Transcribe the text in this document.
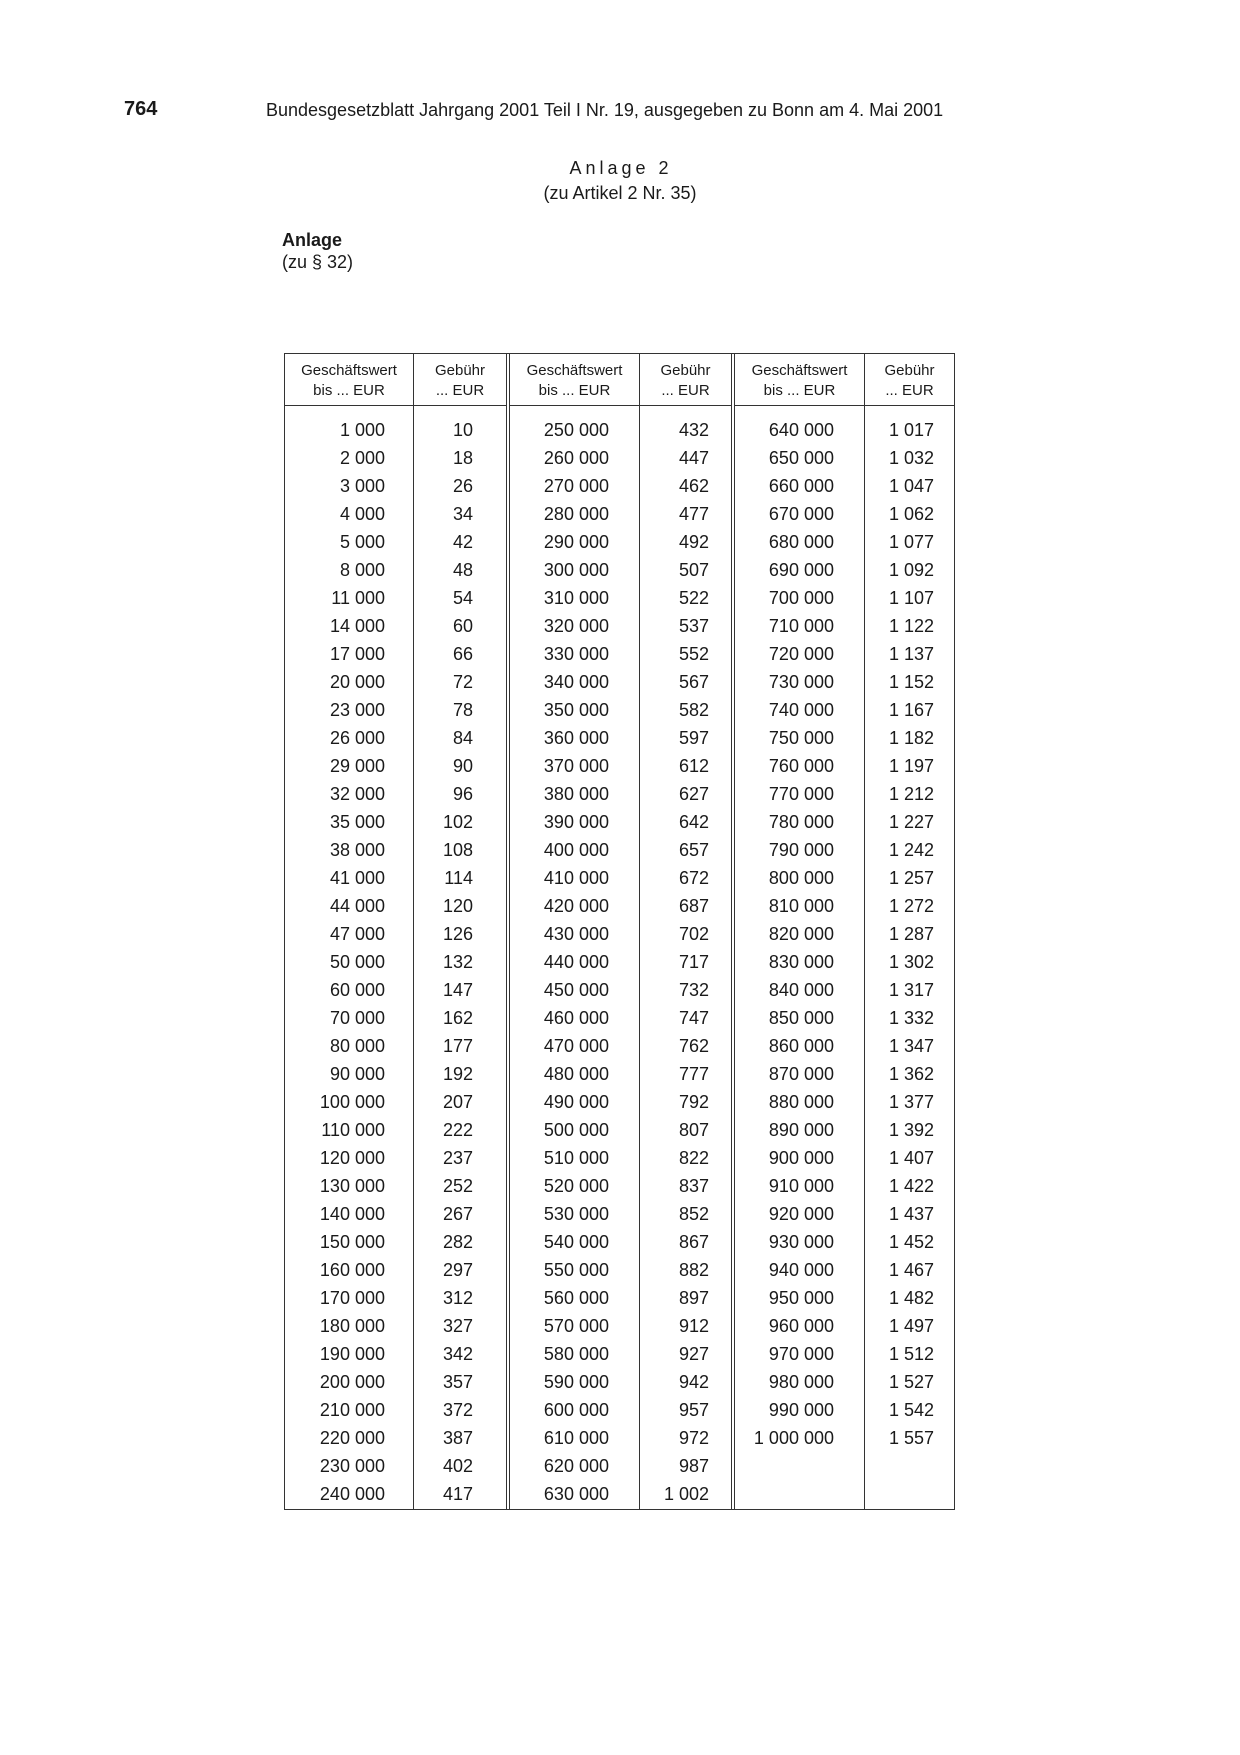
764	Bundesgesetzblatt Jahrgang 2001 Teil I Nr. 19, ausgegeben zu Bonn am 4. Mai 2001
Anlage 2
(zu Artikel 2 Nr. 35)
Anlage
(zu § 32)
Geschäftswert
bis ... EUR
1 000
2 000
3 000
4 000
5 000
8 000
11 000
14 000
17 000
20 000
23 000
26 000
29 000
32 000
35 000
38 000
41 000
44 000
47 000
50 000
60 000
70 000
80 000
90 000
100 000
110 000
120 000
130 000
140 000
150 000
160 000
170 000
180 000
190 000
200 000
210 000
220 000
230 000
240 000
Gebühr
... EUR
10
18
26
34
42
48
54
60
66
72
78
84
90
96
102
108
114
120
126
132
147
162
177
192
207
222
237
252
267
282
297
312
327
342
357
372
387
402
417
Geschäftswert
bis ... EUR
250 000
260 000
270 000
280 000
290 000
300 000
310 000
320 000
330 000
340 000
350 000
360 000
370 000
380 000
390 000
400 000
410 000
420 000
430 000
440 000
450 000
460 000
470 000
480 000
490 000
500 000
510 000
520 000
530 000
540 000
550 000
560 000
570 000
580 000
590 000
600 000
610 000
620 000
630 000
Gebühr
... EUR
432
447
462
477
492
507
522
537
552
567
582
597
612
627
642
657
672
687
702
717
732
747
762
777
792
807
822
837
852
867
882
897
912
927
942
957
972
987
1 002
Geschäftswert
bis ... EUR
640 000
650 000
660 000
670 000
680 000
690 000
700 000
710 000
720 000
730 000
740 000
750 000
760 000
770 000
780 000
790 000
800 000
810 000
820 000
830 000
840 000
850 000
860 000
870 000
880 000
890 000
900 000
910 000
920 000
930 000
940 000
950 000
960 000
970 000
980 000
990 000
1 000 000
Gebühr
... EUR
1 017
1 032
1 047
1 062
1 077
1 092
1 107
1 122
1 137
1 152
1 167
1 182
1 197
1 212
1 227
1 242
1 257
1 272
1 287
1 302
1 317
1 332
1 347
1 362
1 377
1 392
1 407
1 422
1 437
1 452
1 467
1 482
1 497
1 512
1 527
1 542
1 557
